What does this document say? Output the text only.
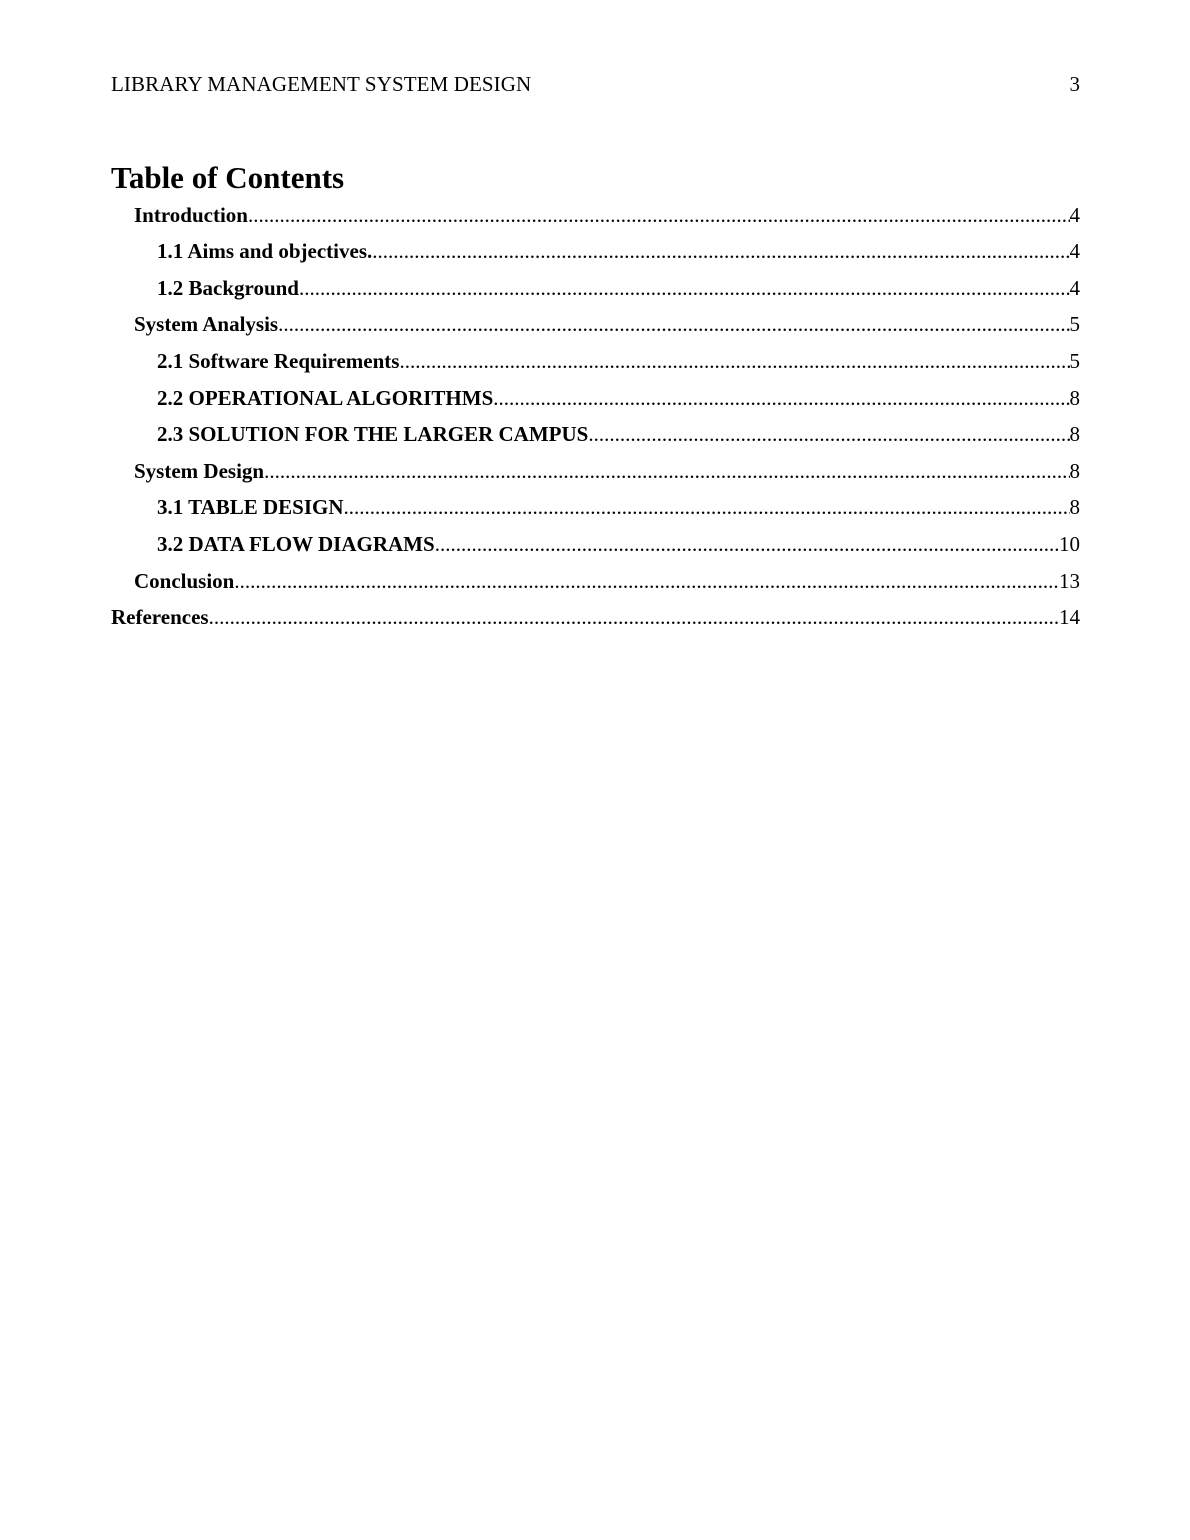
LIBRARY MANAGEMENT SYSTEM DESIGN	3
Table of Contents
Introduction .....	4
1.1 Aims and objectives. .....	4
1.2 Background .....	4
System Analysis .....	5
2.1 Software Requirements .....	5
2.2 OPERATIONAL ALGORITHMS .....	8
2.3 SOLUTION FOR THE LARGER CAMPUS .....	8
System Design .....	8
3.1 TABLE DESIGN .....	8
3.2 DATA FLOW DIAGRAMS .....	10
Conclusion .....	13
References .....	14
